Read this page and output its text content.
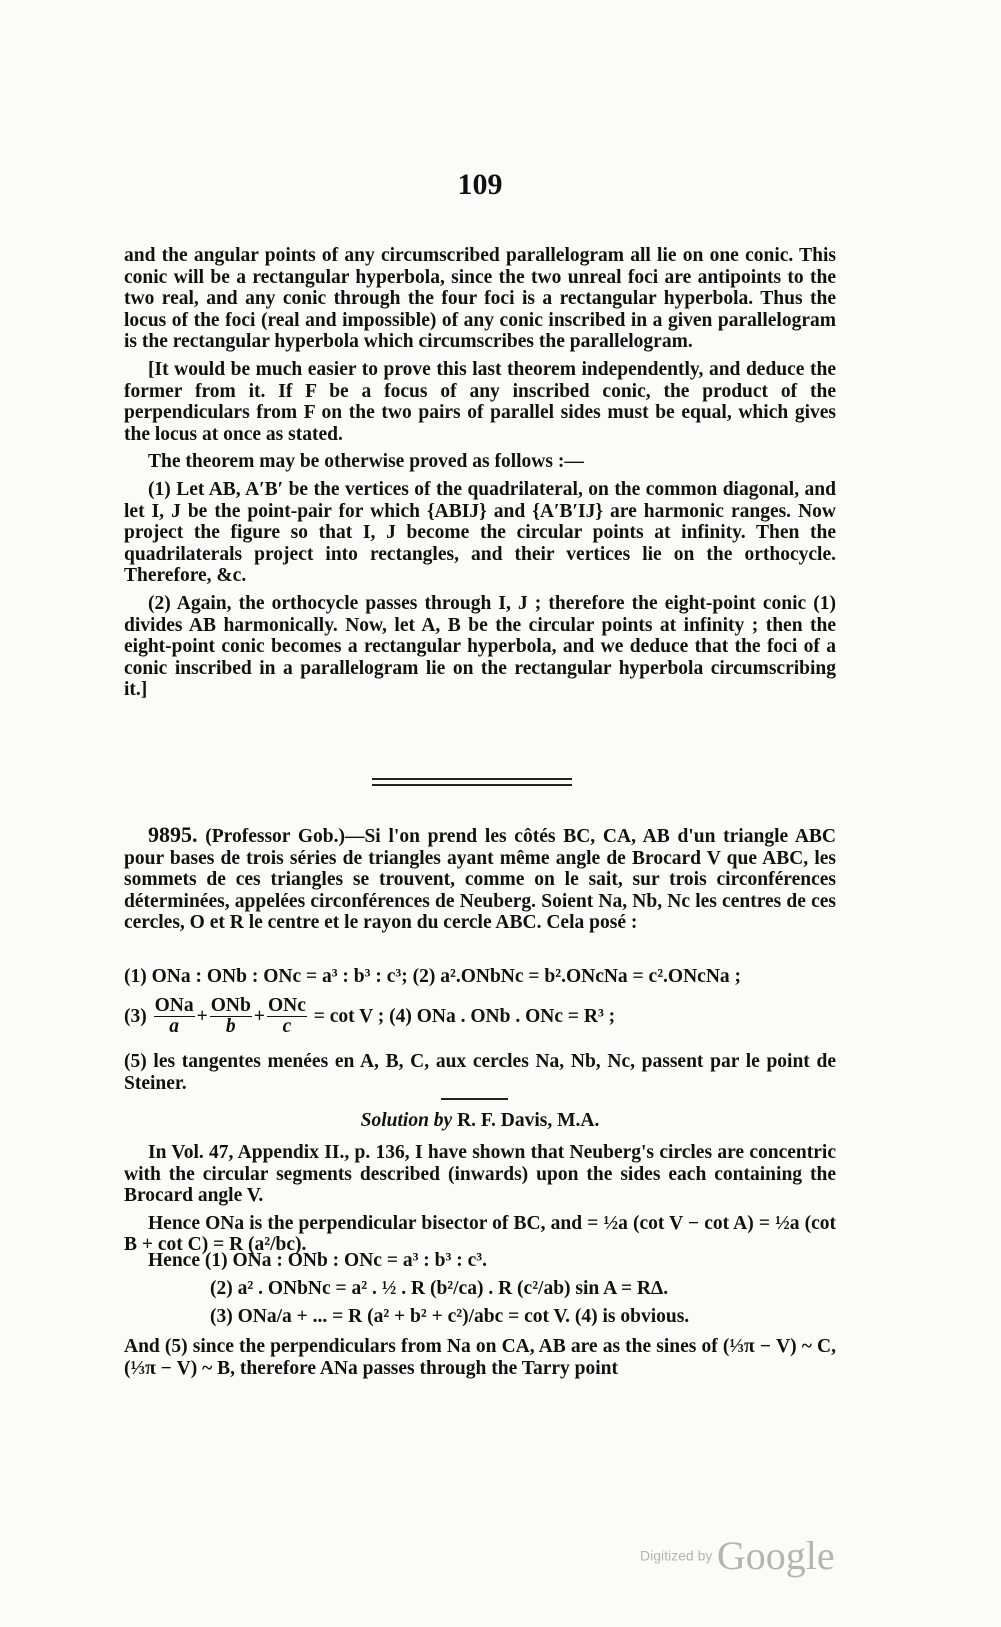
109

and the angular points of any circumscribed parallelogram all lie on one conic. This conic will be a rectangular hyperbola, since the two unreal foci are antipoints to the two real, and any conic through the four foci is a rectangular hyperbola. Thus the locus of the foci (real and impossible) of any conic inscribed in a given parallelogram is the rectangular hyperbola which circumscribes the parallelogram.

[It would be much easier to prove this last theorem independently, and deduce the former from it. If F be a focus of any inscribed conic, the product of the perpendiculars from F on the two pairs of parallel sides must be equal, which gives the locus at once as stated.

The theorem may be otherwise proved as follows :—

(1) Let AB, A′B′ be the vertices of the quadrilateral, on the common diagonal, and let I, J be the point-pair for which {ABIJ} and {A′B′IJ} are harmonic ranges. Now project the figure so that I, J become the circular points at infinity. Then the quadrilaterals project into rectangles, and their vertices lie on the orthocycle. Therefore, &c.

(2) Again, the orthocycle passes through I, J ; therefore the eight-point conic (1) divides AB harmonically. Now, let A, B be the circular points at infinity ; then the eight-point conic becomes a rectangular hyperbola, and we deduce that the foci of a conic inscribed in a parallelogram lie on the rectangular hyperbola circumscribing it.]

9895. (Professor Gob.)—Si l'on prend les côtés BC, CA, AB d'un triangle ABC pour bases de trois séries de triangles ayant même angle de Brocard V que ABC, les sommets de ces triangles se trouvent, comme on le sait, sur trois circonférences déterminées, appelées circonférences de Neuberg. Soient Na, Nb, Nc les centres de ces cercles, O et R le centre et le rayon du cercle ABC. Cela posé :

(1) ONa : ONb : ONc = a³ : b³ : c³; (2) a².ONbNc = b².ONcNa = c².ONcNa ;
(3)
$\frac{\text{ONa}}{a} + \frac{\text{ONb}}{b} + \frac{\text{ONc}}{c}$
= cot V ; (4) ONa . ONb . ONc = R³ ;

(5) les tangentes menées en A, B, C, aux cercles Na, Nb, Nc, passent par le point de Steiner.

Solution by R. F. Davis, M.A.

In Vol. 47, Appendix II., p. 136, I have shown that Neuberg's circles are concentric with the circular segments described (inwards) upon the sides each containing the Brocard angle V.

Hence ONa is the perpendicular bisector of BC, and = ½a (cot V − cot A) = ½a (cot B + cot C) = R (a²/bc).

Hence (1) ONa : ONb : ONc = a³ : b³ : c³.
(2) a² . ONbNc = a² . ½ . R (b²/ca) . R (c²/ab) sin A = RΔ.
(3) ONa/a + ... = R (a² + b² + c²)/abc = cot V. (4) is obvious.

And (5) since the perpendiculars from Na on CA, AB are as the sines of (⅓π − V) ~ C, (⅓π − V) ~ B, therefore ANa passes through the Tarry point

Digitized by Google
